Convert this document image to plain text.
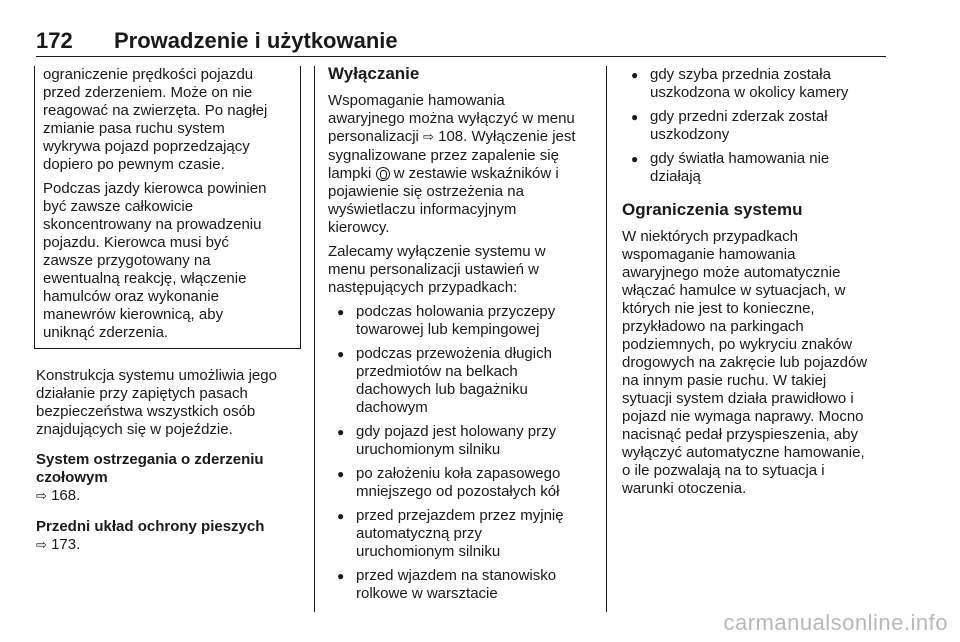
172 Prowadzenie i użytkowanie
ograniczenie prędkości pojazdu
przed zderzeniem. Może on nie
reagować na zwierzęta. Po nagłej
zmianie pasa ruchu system
wykrywa pojazd poprzedzający
dopiero po pewnym czasie.
Podczas jazdy kierowca powinien
być zawsze całkowicie
skoncentrowany na prowadzeniu
pojazdu. Kierowca musi być
zawsze przygotowany na
ewentualną reakcję, włączenie
hamulców oraz wykonanie
manewrów kierownicą, aby
uniknąć zderzenia.
Konstrukcja systemu umożliwia jego
działanie przy zapiętych pasach
bezpieczeństwa wszystkich osób
znajdujących się w pojeździe.
System ostrzegania o zderzeniu
czołowym
⇨ 168.
Przedni układ ochrony pieszych
⇨ 173.
Wyłączanie
Wspomaganie hamowania
awaryjnego można wyłączyć w menu
personalizacji ⇨ 108. Wyłączenie jest
sygnalizowane przez zapalenie się
lampki  w zestawie wskaźników i
pojawienie się ostrzeżenia na
wyświetlaczu informacyjnym
kierowcy.
Zalecamy wyłączenie systemu w
menu personalizacji ustawień w
następujących przypadkach:
● podczas holowania przyczepy
towarowej lub kempingowej
● podczas przewożenia długich
przedmiotów na belkach
dachowych lub bagażniku
dachowym
● gdy pojazd jest holowany przy
uruchomionym silniku
● po założeniu koła zapasowego
mniejszego od pozostałych kół
● przed przejazdem przez myjnię
automatyczną przy
uruchomionym silniku
● przed wjazdem na stanowisko
rolkowe w warsztacie
● gdy szyba przednia została
uszkodzona w okolicy kamery
● gdy przedni zderzak został
uszkodzony
● gdy światła hamowania nie
działają
Ograniczenia systemu
W niektórych przypadkach
wspomaganie hamowania
awaryjnego może automatycznie
włączać hamulce w sytuacjach, w
których nie jest to konieczne,
przykładowo na parkingach
podziemnych, po wykryciu znaków
drogowych na zakręcie lub pojazdów
na innym pasie ruchu. W takiej
sytuacji system działa prawidłowo i
pojazd nie wymaga naprawy. Mocno
nacisnąć pedał przyspieszenia, aby
wyłączyć automatyczne hamowanie,
o ile pozwalają na to sytuacja i
warunki otoczenia.
carmanualsonline.info
